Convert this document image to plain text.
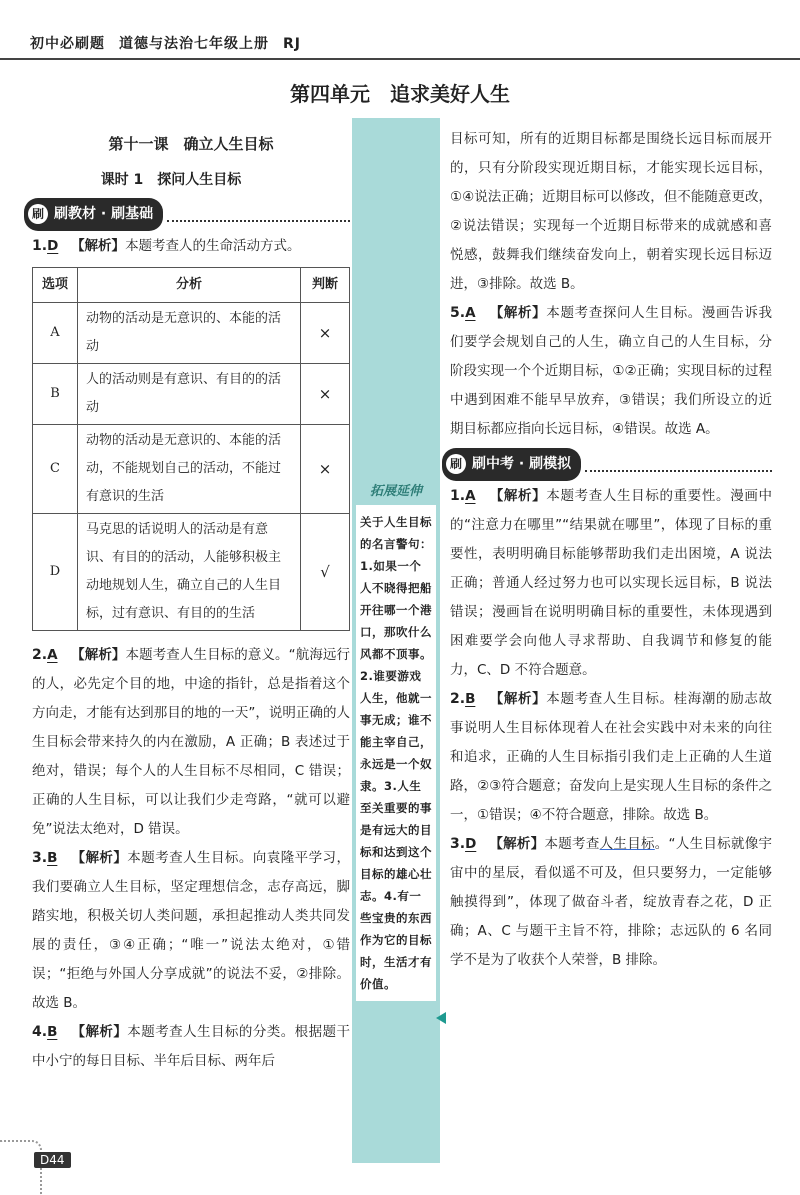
初中必刷题 道德与法治七年级上册 RJ
第四单元　追求美好人生
第十一课　确立人生目标
课时 1　探问人生目标
刷 刷教材 · 刷基础

1.D 【解析】本题考查人的生命活动方式。

选项	分析	判断
A	动物的活动是无意识的、本能的活动	×
B	人的活动则是有意识、有目的的活动	×
C	动物的活动是无意识的、本能的活动，不能规划自己的活动，不能过有意识的生活	×
D	马克思的话说明人的活动是有意识、有目的的活动，人能够积极主动地规划人生，确立自己的人生目标，过有意识、有目的的生活	√

2.A 【解析】本题考查人生目标的意义。“航海远行的人，必先定个目的地，中途的指针，总是指着这个方向走，才能有达到那目的地的一天”，说明正确的人生目标会带来持久的内在激励，A 正确；B 表述过于绝对，错误；每个人的人生目标不尽相同，C 错误；正确的人生目标，可以让我们少走弯路，“就可以避免”说法太绝对，D 错误。

3.B 【解析】本题考查人生目标。向袁隆平学习，我们要确立人生目标，坚定理想信念，志存高远，脚踏实地，积极关切人类问题，承担起推动人类共同发展的责任，③④正确；“唯一”说法太绝对，①错误；“拒绝与外国人分享成就”的说法不妥，②排除。故选 B。

4.B 【解析】本题考查人生目标的分类。根据题干中小宁的每日目标、半年后目标、两年后

拓展延伸
关于人生目标的名言警句：1.如果一个人不晓得把船开往哪一个港口，那吹什么风都不顶事。2.谁要游戏人生，他就一事无成；谁不能主宰自己，永远是一个奴隶。3.人生至关重要的事是有远大的目标和达到这个目标的雄心壮志。4.有一些宝贵的东西作为它的目标时，生活才有价值。

目标可知，所有的近期目标都是围绕长远目标而展开的，只有分阶段实现近期目标，才能实现长远目标，①④说法正确；近期目标可以修改，但不能随意更改，②说法错误；实现每一个近期目标带来的成就感和喜悦感，鼓舞我们继续奋发向上，朝着实现长远目标迈进，③排除。故选 B。

5.A 【解析】本题考查探问人生目标。漫画告诉我们要学会规划自己的人生，确立自己的人生目标，分阶段实现一个个近期目标，①②正确；实现目标的过程中遇到困难不能早早放弃，③错误；我们所设立的近期目标都应指向长远目标，④错误。故选 A。

刷 刷中考 · 刷模拟

1.A 【解析】本题考查人生目标的重要性。漫画中的“注意力在哪里”“结果就在哪里”，体现了目标的重要性，表明明确目标能够帮助我们走出困境，A 说法正确；普通人经过努力也可以实现长远目标，B 说法错误；漫画旨在说明明确目标的重要性，未体现遇到困难要学会向他人寻求帮助、自我调节和修复的能力，C、D 不符合题意。

2.B 【解析】本题考查人生目标。桂海潮的励志故事说明人生目标体现着人在社会实践中对未来的向往和追求，正确的人生目标指引我们走上正确的人生道路，②③符合题意；奋发向上是实现人生目标的条件之一，①错误；④不符合题意，排除。故选 B。

3.D 【解析】本题考查人生目标。“人生目标就像宇宙中的星辰，看似遥不可及，但只要努力，一定能够触摸得到”，体现了做奋斗者，绽放青春之花，D 正确；A、C 与题干主旨不符，排除；志远队的 6 名同学不是为了收获个人荣誉，B 排除。

D44
